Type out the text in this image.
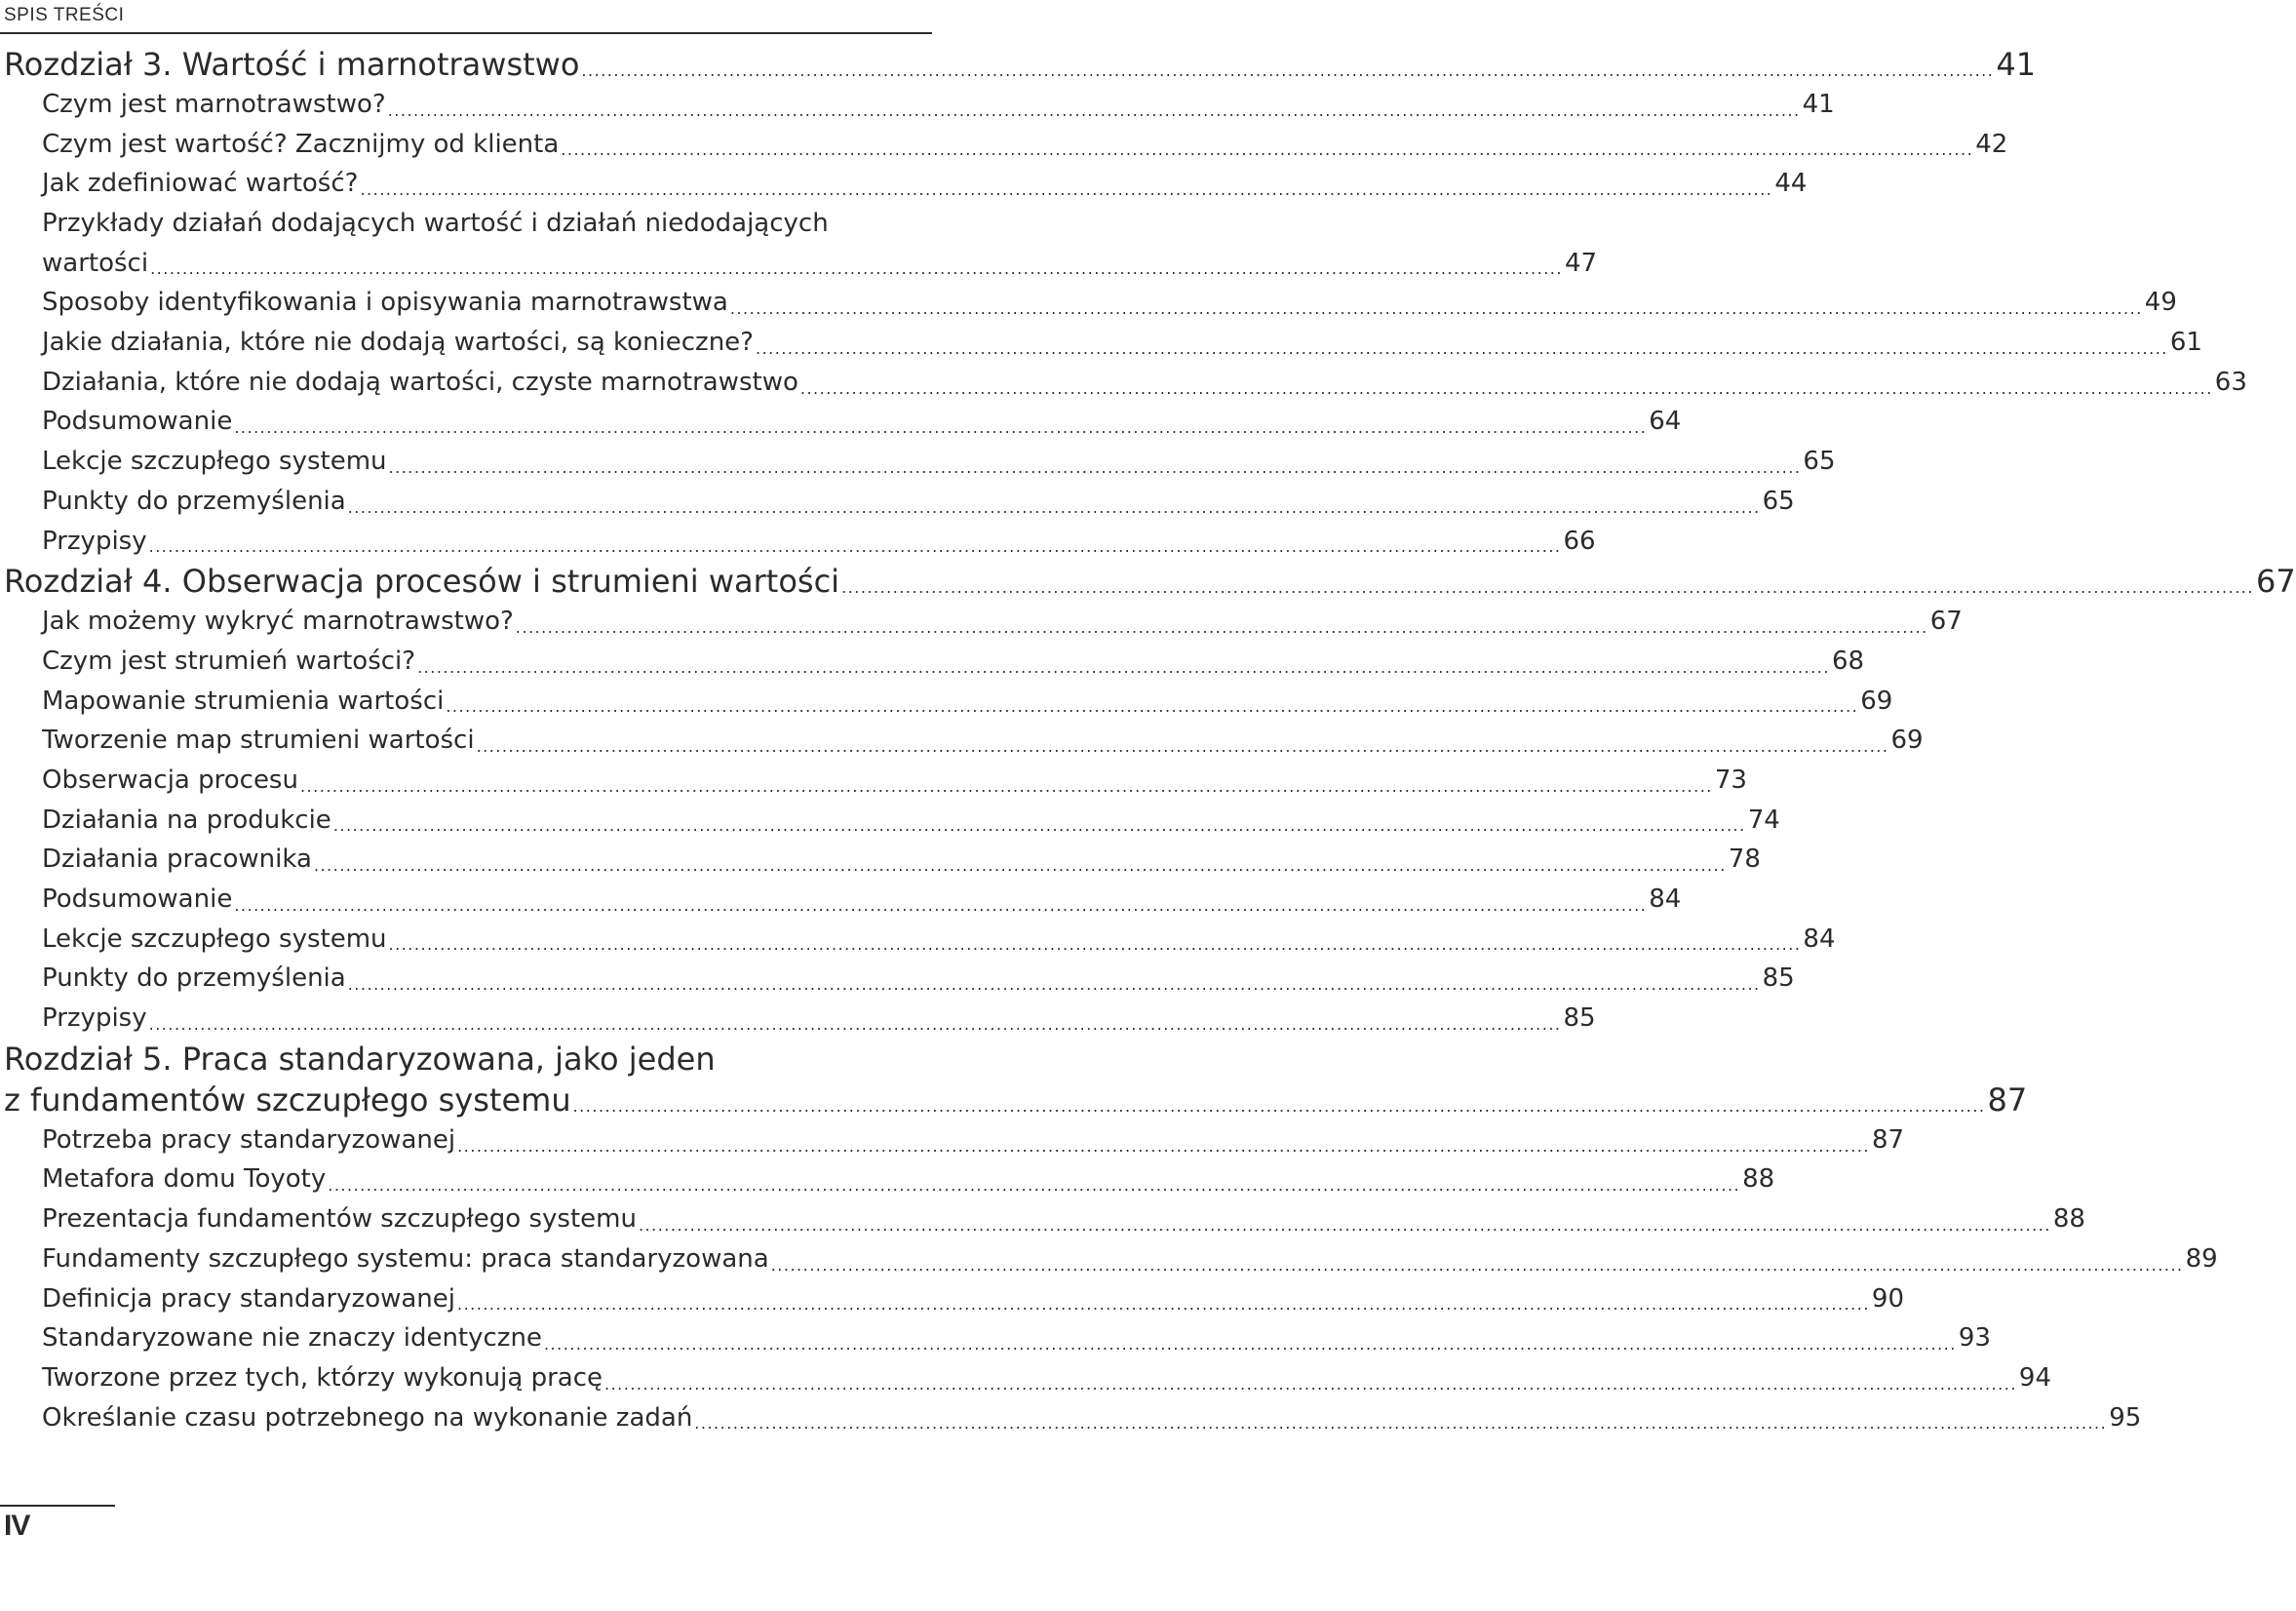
SPIS TREŚCI
Rozdział 3. Wartość i marnotrawstwo ............................................................................................................................................................................................................................ 41
Czym jest marnotrawstwo? ............................................................................................................................................................................................................................ 41
Czym jest wartość? Zacznijmy od klienta ............................................................................................................................................................................................................................ 42
Jak zdefiniować wartość? ............................................................................................................................................................................................................................ 44
Przykłady działań dodających wartość i działań niedodających
wartości ............................................................................................................................................................................................................................ 47
Sposoby identyfikowania i opisywania marnotrawstwa ............................................................................................................................................................................................................................ 49
Jakie działania, które nie dodają wartości, są konieczne? ............................................................................................................................................................................................................................ 61
Działania, które nie dodają wartości, czyste marnotrawstwo ............................................................................................................................................................................................................................ 63
Podsumowanie ............................................................................................................................................................................................................................ 64
Lekcje szczupłego systemu ............................................................................................................................................................................................................................ 65
Punkty do przemyślenia ............................................................................................................................................................................................................................ 65
Przypisy ............................................................................................................................................................................................................................ 66
Rozdział 4. Obserwacja procesów i strumieni wartości ............................................................................................................................................................................................................................ 67
Jak możemy wykryć marnotrawstwo? ............................................................................................................................................................................................................................ 67
Czym jest strumień wartości? ............................................................................................................................................................................................................................ 68
Mapowanie strumienia wartości ............................................................................................................................................................................................................................ 69
Tworzenie map strumieni wartości ............................................................................................................................................................................................................................ 69
Obserwacja procesu ............................................................................................................................................................................................................................ 73
Działania na produkcie ............................................................................................................................................................................................................................ 74
Działania pracownika ............................................................................................................................................................................................................................ 78
Podsumowanie ............................................................................................................................................................................................................................ 84
Lekcje szczupłego systemu ............................................................................................................................................................................................................................ 84
Punkty do przemyślenia ............................................................................................................................................................................................................................ 85
Przypisy ............................................................................................................................................................................................................................ 85
Rozdział 5. Praca standaryzowana, jako jeden
z fundamentów szczupłego systemu ............................................................................................................................................................................................................................ 87
Potrzeba pracy standaryzowanej ............................................................................................................................................................................................................................ 87
Metafora domu Toyoty ............................................................................................................................................................................................................................ 88
Prezentacja fundamentów szczupłego systemu ............................................................................................................................................................................................................................ 88
Fundamenty szczupłego systemu: praca standaryzowana ............................................................................................................................................................................................................................ 89
Definicja pracy standaryzowanej ............................................................................................................................................................................................................................ 90
Standaryzowane nie znaczy identyczne ............................................................................................................................................................................................................................ 93
Tworzone przez tych, którzy wykonują pracę ............................................................................................................................................................................................................................ 94
Określanie czasu potrzebnego na wykonanie zadań ............................................................................................................................................................................................................................ 95
IV
